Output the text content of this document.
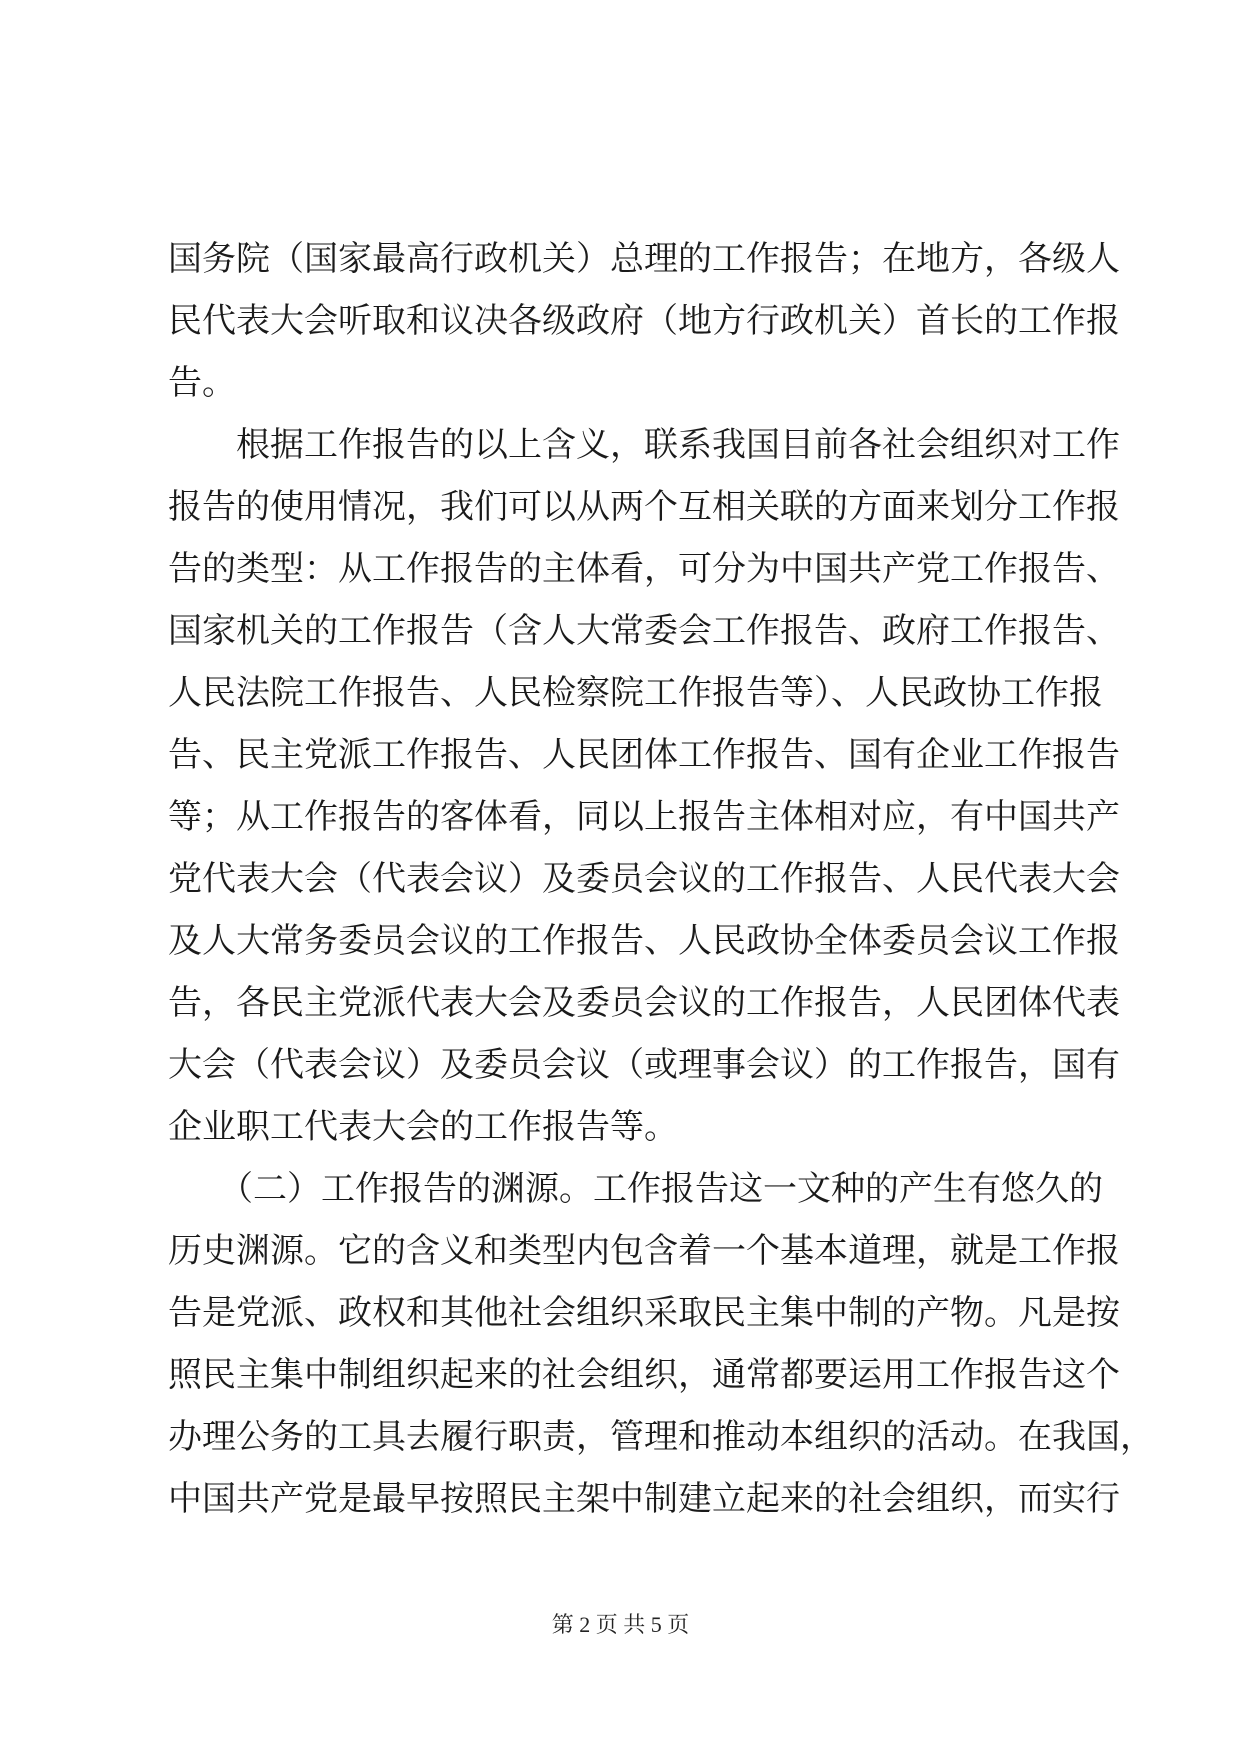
国务院（国家最高行政机关）总理的工作报告；在地方，各级人
民代表大会听取和议决各级政府（地方行政机关）首长的工作报
告。
　　根据工作报告的以上含义，联系我国目前各社会组织对工作
报告的使用情况，我们可以从两个互相关联的方面来划分工作报
告的类型：从工作报告的主体看，可分为中国共产党工作报告、
国家机关的工作报告（含人大常委会工作报告、政府工作报告、
人民法院工作报告、人民检察院工作报告等）、人民政协工作报
告、民主党派工作报告、人民团体工作报告、国有企业工作报告
等；从工作报告的客体看，同以上报告主体相对应，有中国共产
党代表大会（代表会议）及委员会议的工作报告、人民代表大会
及人大常务委员会议的工作报告、人民政协全体委员会议工作报
告，各民主党派代表大会及委员会议的工作报告，人民团体代表
大会（代表会议）及委员会议（或理事会议）的工作报告，国有
企业职工代表大会的工作报告等。
　　（二）工作报告的渊源。工作报告这一文种的产生有悠久的
历史渊源。它的含义和类型内包含着一个基本道理，就是工作报
告是党派、政权和其他社会组织采取民主集中制的产物。凡是按
照民主集中制组织起来的社会组织，通常都要运用工作报告这个
办理公务的工具去履行职责，管理和推动本组织的活动。在我国，
中国共产党是最早按照民主架中制建立起来的社会组织，而实行
第 2 页 共 5 页
